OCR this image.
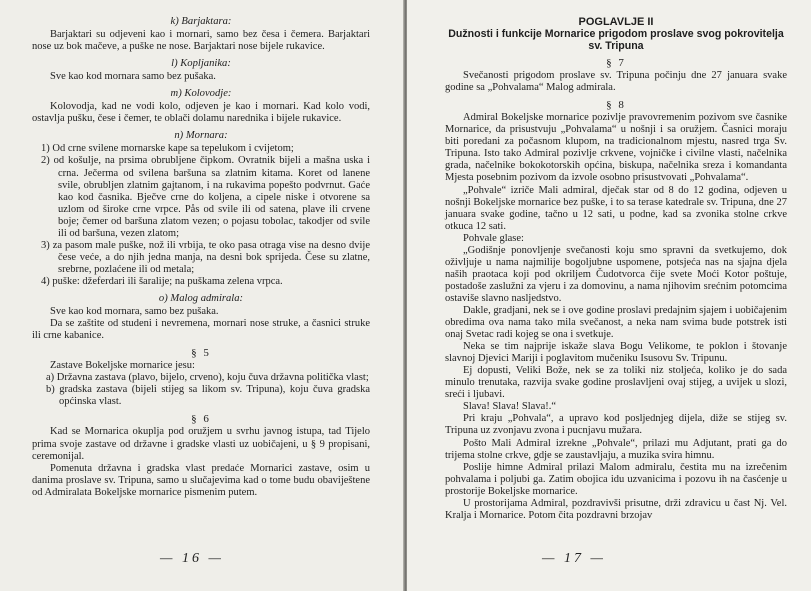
k) Barjaktara:

Barjaktari su odjeveni kao i mornari, samo bez česa i čemera. Barjaktari nose uz bok mačeve, a puške ne nose. Barjaktari nose bijele rukavice.

l) Kopljanika:

Sve kao kod mornara samo bez pušaka.

m) Kolovodje:

Kolovodja, kad ne vodi kolo, odjeven je kao i mornari. Kad kolo vodi, ostavlja pušku, česе i čemer, te oblači dolamu narednika i bijele rukavice.

n) Mornara:

1) Od crne svilene mornarske kape sa tepelukom i cvijetom;

2) od košulje, na prsima obrubljene čipkom. Ovratnik bijeli a mašna uska i crna. Ječerma od svilena baršuna sa zlatnim kitama. Koret od lanene svile, obrubljen zlatnim gajtanom, i na rukavima popešto podvrnut. Gaće kao kod časnika. Bječve crne do koljena, a cipele niske i otvorene sa uzlom od široke crne vrpce. Pås od svile ili od satena, plave ili crvene boje; čemer od baršuna zlatom vezen; o pojasu tobolac, takodjer od svile ili od baršuna, vezen zlatom;

3) za pasom male puške, nož ili vrbija, te oko pasa otraga vise na desno dvije česе veće, a do njih jedna manja, na desni bok sprijeda. Česе su zlatne, srebrne, pozlaćene ili od metala;

4) puške: džeferdari ili šaralije; na puškama zelena vrpca.

o) Malog admirala:

Sve kao kod mornara, samo bez pušaka.

Da se zaštite od studeni i nevremena, mornari nose struke, a časnici struke ili crne kabanice.

§ 5

Zastave Bokeljske mornarice jesu:

a) Državna zastava (plavo, bijelo, crveno), koju čuva državna politička vlast;

b) gradska zastava (bijeli stijeg sa likom sv. Tripuna), koju čuva gradska općinska vlast.

§ 6

Kad se Mornarica okuplja pod oružjem u svrhu javnog istupa, tad Tijelo prima svoje zastave od državne i gradske vlasti uz uobičajeni, u § 9 propisani, ceremonijal.

Pomenuta državna i gradska vlast predaće Mornarici zastave, osim u danima proslave sv. Tripuna, samo u slučajevima kad o tome budu obaviještene od Admiralata Bokeljske mornarice pismenim putem.

— 16 —

POGLAVLJE II

Dužnosti i funkcije Mornarice prigodom proslave svog pokrovitelja sv. Tripuna

§ 7

Svečanosti prigodom proslave sv. Tripuna počinju dne 27 januara svake godine sa „Pohvalama“ Malog admirala.

§ 8

Admiral Bokeljske mornarice pozivlje pravovremenim pozivom sve časnike Mornarice, da prisustvuju „Pohvalama“ u nošnji i sa oružjem. Časnici moraju biti poredani za počasnom klupom, na tradicionalnom mjestu, nasred trga Sv. Tripuna. Isto tako Admiral pozivlje crkvene, vojničke i civilne vlasti, načelnika grada, načelnike bokokotorskih općina, biskupa, načelnika sreza i komandanta Mjesta posebnim pozivom da izvole osobno prisustvovati „Pohvalama“.

„Pohvale“ izriče Mali admiral, dječak star od 8 do 12 godina, odjeven u nošnji Bokeljske mornarice bez puške, i to sa terase katedrale sv. Tripuna, dne 27 januara svake godine, tačno u 12 sati, u podne, kad sa zvonika stolne crkve otkuca 12 sati.

Pohvale glase:

„Godišnje ponovljenje svečanosti koju smo spravni da svetkujemo, dok oživljuje u nama najmilije bogoljubne uspomene, potsjeća nas na sjajna djela naših praotaca koji pod okriljem Čudotvorca čije svete Moći Kotor poštuje, postadoše zaslužni za vjeru i za domovinu, a nama njihovim srećnim potomcima ostaviše slavno nasljedstvo.

Dakle, gradjani, nek se i ove godine proslavi predajnim sjajem i uobičajenim obredima ova nama tako mila svečanost, a neka nam svima bude potstrek isti onaj Svetac radi kojeg se ona i svetkuje.

Neka se tim najprije iskaže slava Bogu Velikome, te poklon i štovanje slavnoj Djevici Mariji i poglavitom mučeniku Isusovu Sv. Tripunu.

Ej dopusti, Veliki Bože, nek se za toliki niz stoljeća, koliko je do sada minulo trenutaka, razvija svake godine proslavljeni ovaj stijeg, a uvijek u slozi, sreći i ljubavi.

Slava! Slava! Slava!.“

Pri kraju „Pohvala“, a upravo kod posljednjeg dijela, diže se stijeg sv. Tripuna uz zvonjavu zvona i pucnjavu mužara.

Pošto Mali Admiral izrekne „Pohvale“, prilazi mu Adjutant, prati ga do trijema stolne crkve, gdje se zaustavljaju, a muzika svira himnu.

Poslije himne Admiral prilazi Malom admiralu, čestita mu na izrečenim pohvalama i poljubi ga. Zatim obojica idu uzvanicima i pozovu ih na časćenje u prostorije Bokeljske mornarice.

U prostorijama Admiral, pozdravivši prisutne, drži zdravicu u čast Nj. Vel. Kralja i Mornarice. Potom čita pozdravni brzojav

— 17 —
